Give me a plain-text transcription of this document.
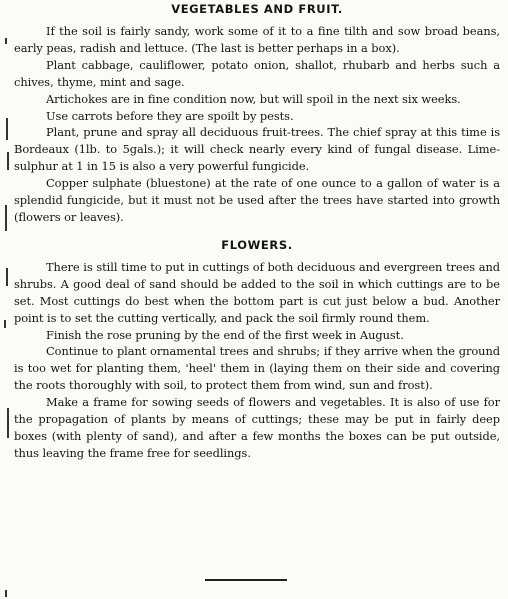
VEGETABLES AND FRUIT.

If the soil is fairly sandy, work some of it to a fine tilth and sow broad beans, early peas, radish and lettuce. (The last is better perhaps in a box).

Plant cabbage, cauliflower, potato onion, shallot, rhubarb and herbs such a chives, thyme, mint and sage.

Artichokes are in fine condition now, but will spoil in the next six weeks.

Use carrots before they are spoilt by pests.

Plant, prune and spray all deciduous fruit-trees. The chief spray at this time is Bordeaux (1lb. to 5gals.); it will check nearly every kind of fungal disease. Lime-sulphur at 1 in 15 is also a very powerful fungicide.

Copper sulphate (bluestone) at the rate of one ounce to a gallon of water is a splendid fungicide, but it must not be used after the trees have started into growth (flowers or leaves).

FLOWERS.

There is still time to put in cuttings of both deciduous and evergreen trees and shrubs. A good deal of sand should be added to the soil in which cuttings are to be set. Most cuttings do best when the bottom part is cut just below a bud. Another point is to set the cutting vertically, and pack the soil firmly round them.

Finish the rose pruning by the end of the first week in August.

Continue to plant ornamental trees and shrubs; if they arrive when the ground is too wet for planting them, 'heel' them in (laying them on their side and covering the roots thoroughly with soil, to protect them from wind, sun and frost).

Make a frame for sowing seeds of flowers and vegetables. It is also of use for the propagation of plants by means of cuttings; these may be put in fairly deep boxes (with plenty of sand), and after a few months the boxes can be put outside, thus leaving the frame free for seedlings.
